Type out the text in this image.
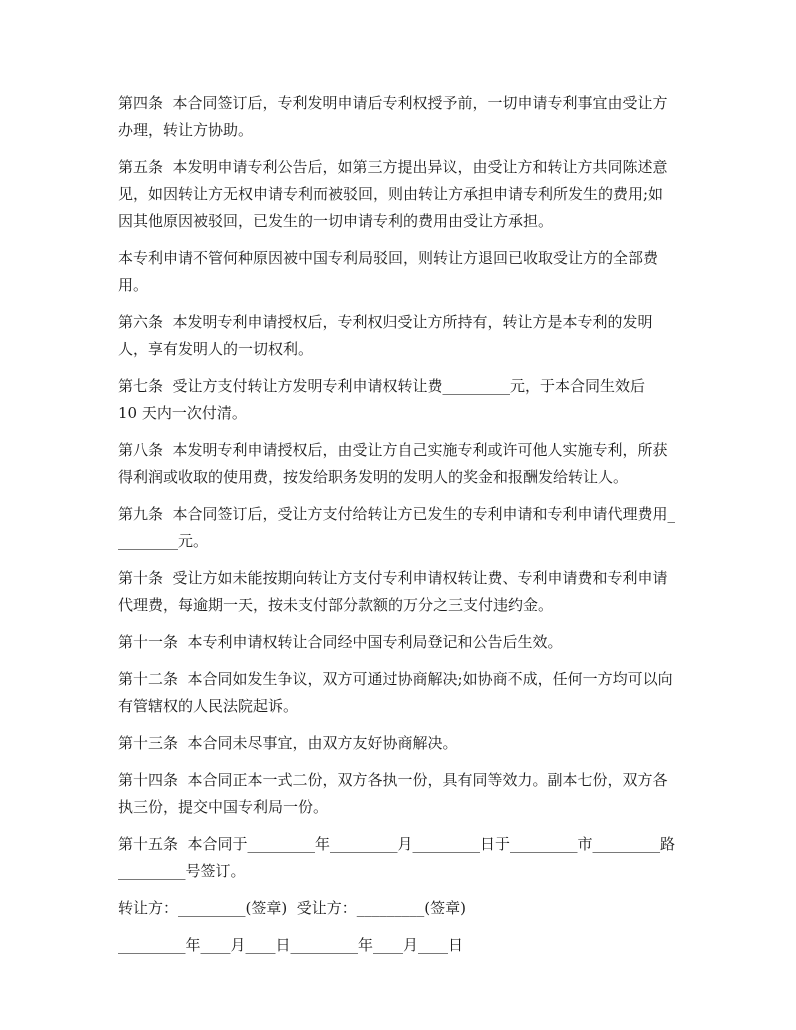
第四条  本合同签订后，专利发明申请后专利权授予前，一切申请专利事宜由受让方办理，转让方协助。

第五条  本发明申请专利公告后，如第三方提出异议，由受让方和转让方共同陈述意见，如因转让方无权申请专利而被驳回，则由转让方承担申请专利所发生的费用;如因其他原因被驳回，已发生的一切申请专利的费用由受让方承担。

本专利申请不管何种原因被中国专利局驳回，则转让方退回已收取受让方的全部费用。

第六条  本发明专利申请授权后，专利权归受让方所持有，转让方是本专利的发明人，享有发明人的一切权利。

第七条  受让方支付转让方发明专利申请权转让费_________元，于本合同生效后
10 天内一次付清。

第八条  本发明专利申请授权后，由受让方自己实施专利或许可他人实施专利，所获得利润或收取的使用费，按发给职务发明的发明人的奖金和报酬发给转让人。

第九条  本合同签订后，受让方支付给转让方已发生的专利申请和专利申请代理费用_________元。

第十条  受让方如未能按期向转让方支付专利申请权转让费、专利申请费和专利申请代理费，每逾期一天，按未支付部分款额的万分之三支付违约金。

第十一条  本专利申请权转让合同经中国专利局登记和公告后生效。

第十二条  本合同如发生争议，双方可通过协商解决;如协商不成，任何一方均可以向有管辖权的人民法院起诉。

第十三条  本合同未尽事宜，由双方友好协商解决。

第十四条  本合同正本一式二份，双方各执一份，具有同等效力。副本七份，双方各执三份，提交中国专利局一份。

第十五条  本合同于_________年_________月_________日于_________市_________路_________号签订。

转让方：_________(签章)  受让方：_________(签章)

_________年____月____日_________年____月____日
